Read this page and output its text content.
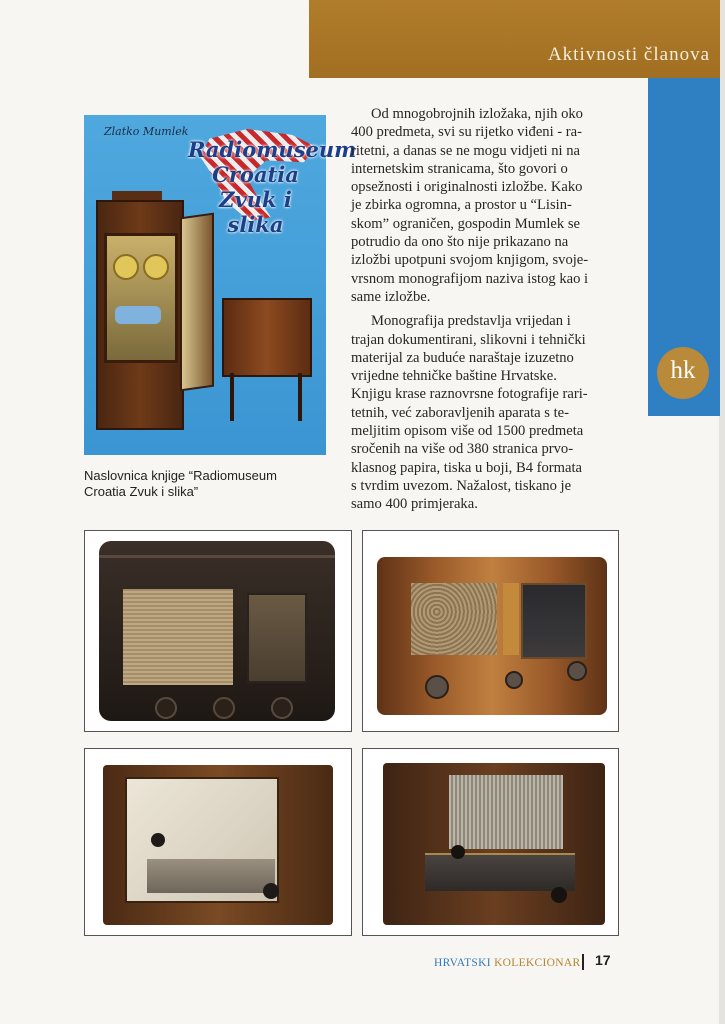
Aktivnosti članova
hk
Zlatko Mumlek
Radiomuseum
Croatia
Zvuk i slika
Naslovnica knjige “Radiomuseum
Croatia Zvuk i slika”

Od mnogobrojnih izložaka, njih oko
400 predmeta, svi su rijetko viđeni - ra-
ritetni, a danas se ne mogu vidjeti ni na
internetskim stranicama, što govori o
opsežnosti i originalnosti izložbe. Kako
je zbirka ogromna, a prostor u “Lisin-
skom” ograničen, gospodin Mumlek se
potrudio da ono što nije prikazano na
izložbi upotpuni svojom knjigom, svoje-
vrsnom monografijom naziva istog kao i
same izložbe.

Monografija predstavlja vrijedan i
trajan dokumentirani, slikovni i tehnički
materijal za buduće naraštaje izuzetno
vrijedne tehničke baštine Hrvatske.
Knjigu krase raznovrsne fotografije rari-
tetnih, već zaboravljenih aparata s te-
meljitim opisom više od 1500 predmeta
sročenih na više od 380 stranica prvo-
klasnog papira, tiska u boji, B4 formata
s tvrdim uvezom. Nažalost, tiskano je
samo 400 primjeraka.

HRVATSKI KOLEKCIONAR 17
